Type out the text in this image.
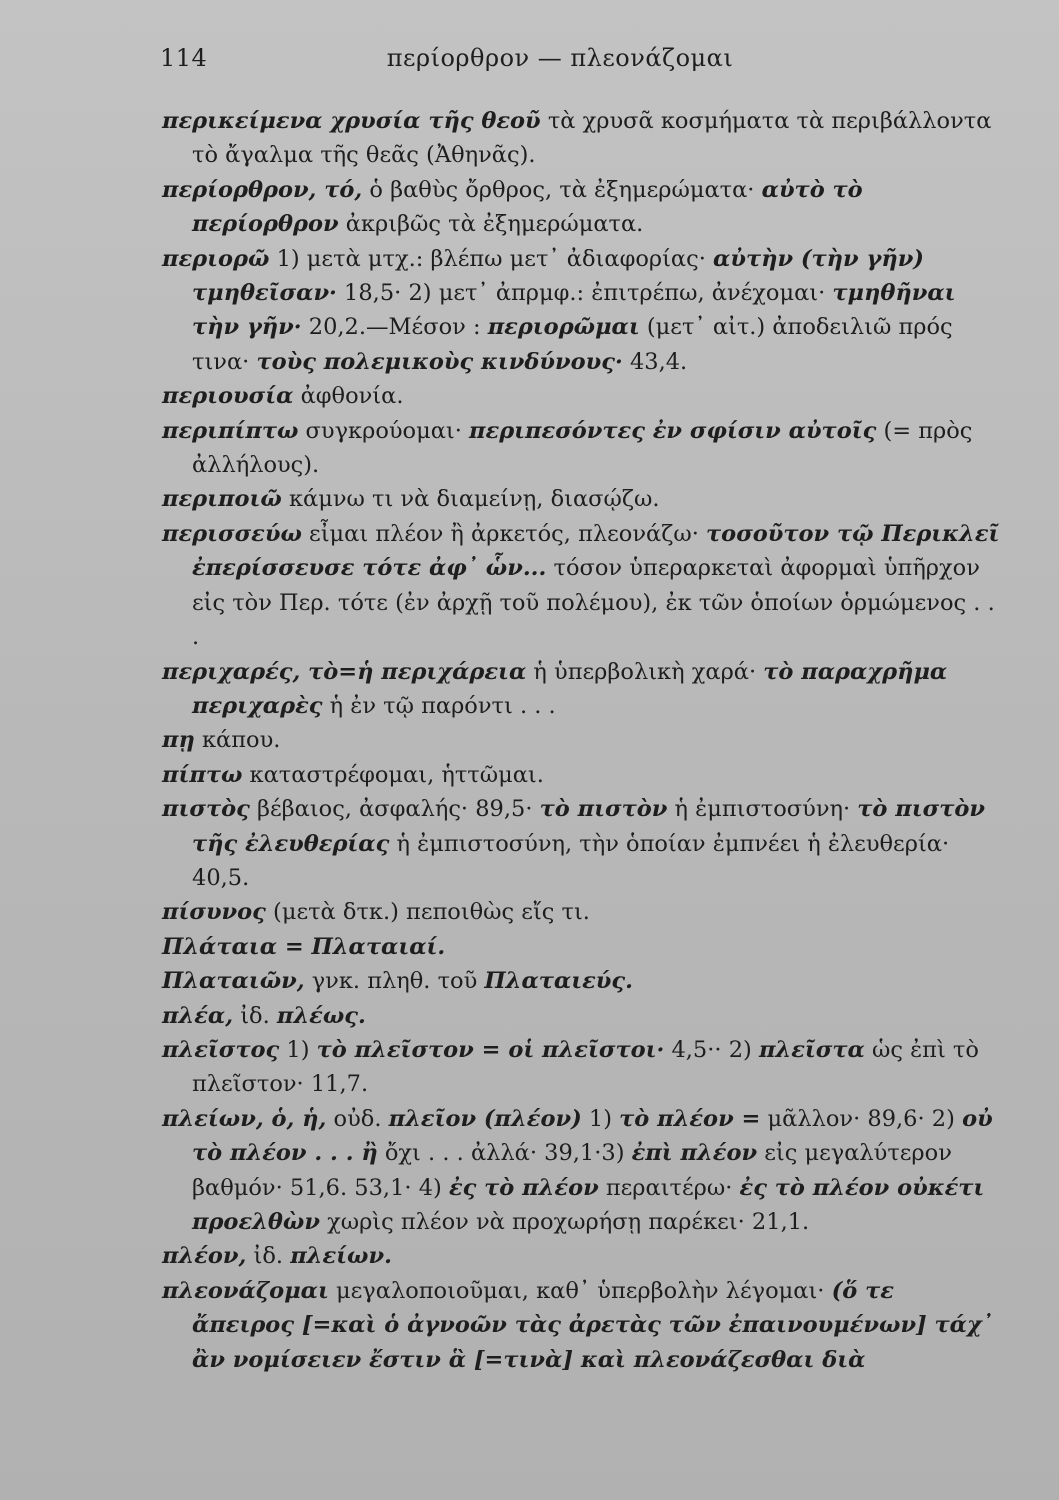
114	περίορθρον — πλεονάζομαι

περικείμενα χρυσία τῆς θεοῦ τὰ χρυσᾶ κοσμήματα τὰ περιβάλλοντα τὸ ἄγαλμα τῆς θεᾶς (Ἀθηνᾶς).

περίορθρον, τό, ὁ βαθὺς ὄρθρος, τὰ ἐξημερώματα· αὐτὸ τὸ περίορθρον ἀκριβῶς τὰ ἐξημερώματα.

περιορῶ 1) μετὰ μτχ.: βλέπω μετ᾽ ἀδιαφορίας· αὐτὴν (τὴν γῆν) τμηθεῖσαν· 18,5· 2) μετ᾽ ἀπρμφ.: ἐπιτρέπω, ἀνέχομαι· τμηθῆναι τὴν γῆν· 20,2.—Μέσον : περιορῶμαι (μετ᾽ αἰτ.) ἀποδειλιῶ πρός τινα· τοὺς πολεμικοὺς κινδύνους· 43,4.

περιουσία ἀφθονία.

περιπίπτω συγκρούομαι· περιπεσόντες ἐν σφίσιν αὐτοῖς (= πρὸς ἀλλήλους).

περιποιῶ κάμνω τι νὰ διαμείνῃ, διασῴζω.

περισσεύω εἶμαι πλέον ἢ ἀρκετός, πλεονάζω· τοσοῦτον τῷ Περικλεῖ ἐπερίσσευσε τότε ἀφ᾽ ὧν... τόσον ὑπεραρκεταὶ ἀφορμαὶ ὑπῆρχον εἰς τὸν Περ. τότε (ἐν ἀρχῇ τοῦ πολέμου), ἐκ τῶν ὁποίων ὁρμώμενος . . .

περιχαρές, τὸ=ἡ περιχάρεια ἡ ὑπερβολικὴ χαρά· τὸ παραχρῆμα περιχαρὲς ἡ ἐν τῷ παρόντι . . .

πῃ κάπου.

πίπτω καταστρέφομαι, ἡττῶμαι.

πιστὸς βέβαιος, ἀσφαλής· 89,5· τὸ πιστὸν ἡ ἐμπιστοσύνη· τὸ πιστὸν τῆς ἐλευθερίας ἡ ἐμπιστοσύνη, τὴν ὁποίαν ἐμπνέει ἡ ἐλευθερία· 40,5.

πίσυνος (μετὰ δτκ.) πεποιθὼς εἴς τι.

Πλάταια = Πλαταιαί.

Πλαταιῶν, γνκ. πληθ. τοῦ Πλαταιεύς.

πλέα, ἰδ. πλέως.

πλεῖστος 1) τὸ πλεῖστον = οἱ πλεῖστοι· 4,5·· 2) πλεῖστα ὡς ἐπὶ τὸ πλεῖστον· 11,7.

πλείων, ὁ, ἡ, οὐδ. πλεῖον (πλέον) 1) τὸ πλέον = μᾶλλον· 89,6· 2) οὐ τὸ πλέον . . . ἢ ὄχι . . . ἀλλά· 39,1·3) ἐπὶ πλέον εἰς μεγαλύτερον βαθμόν· 51,6. 53,1· 4) ἐς τὸ πλέον περαιτέρω· ἐς τὸ πλέον οὐκέτι προελθὼν χωρὶς πλέον νὰ προχωρήσῃ παρέκει· 21,1.

πλέον, ἰδ. πλείων.

πλεονάζομαι μεγαλοποιοῦμαι, καθ᾽ ὑπερβολὴν λέγομαι· (ὅ τε ἄπειρος [=καὶ ὁ ἀγνοῶν τὰς ἀρετὰς τῶν ἐπαινουμένων] τάχ᾽ ἂν νομίσειεν ἔστιν ἃ [=τινὰ] καὶ πλεονάζεσθαι διὰ
